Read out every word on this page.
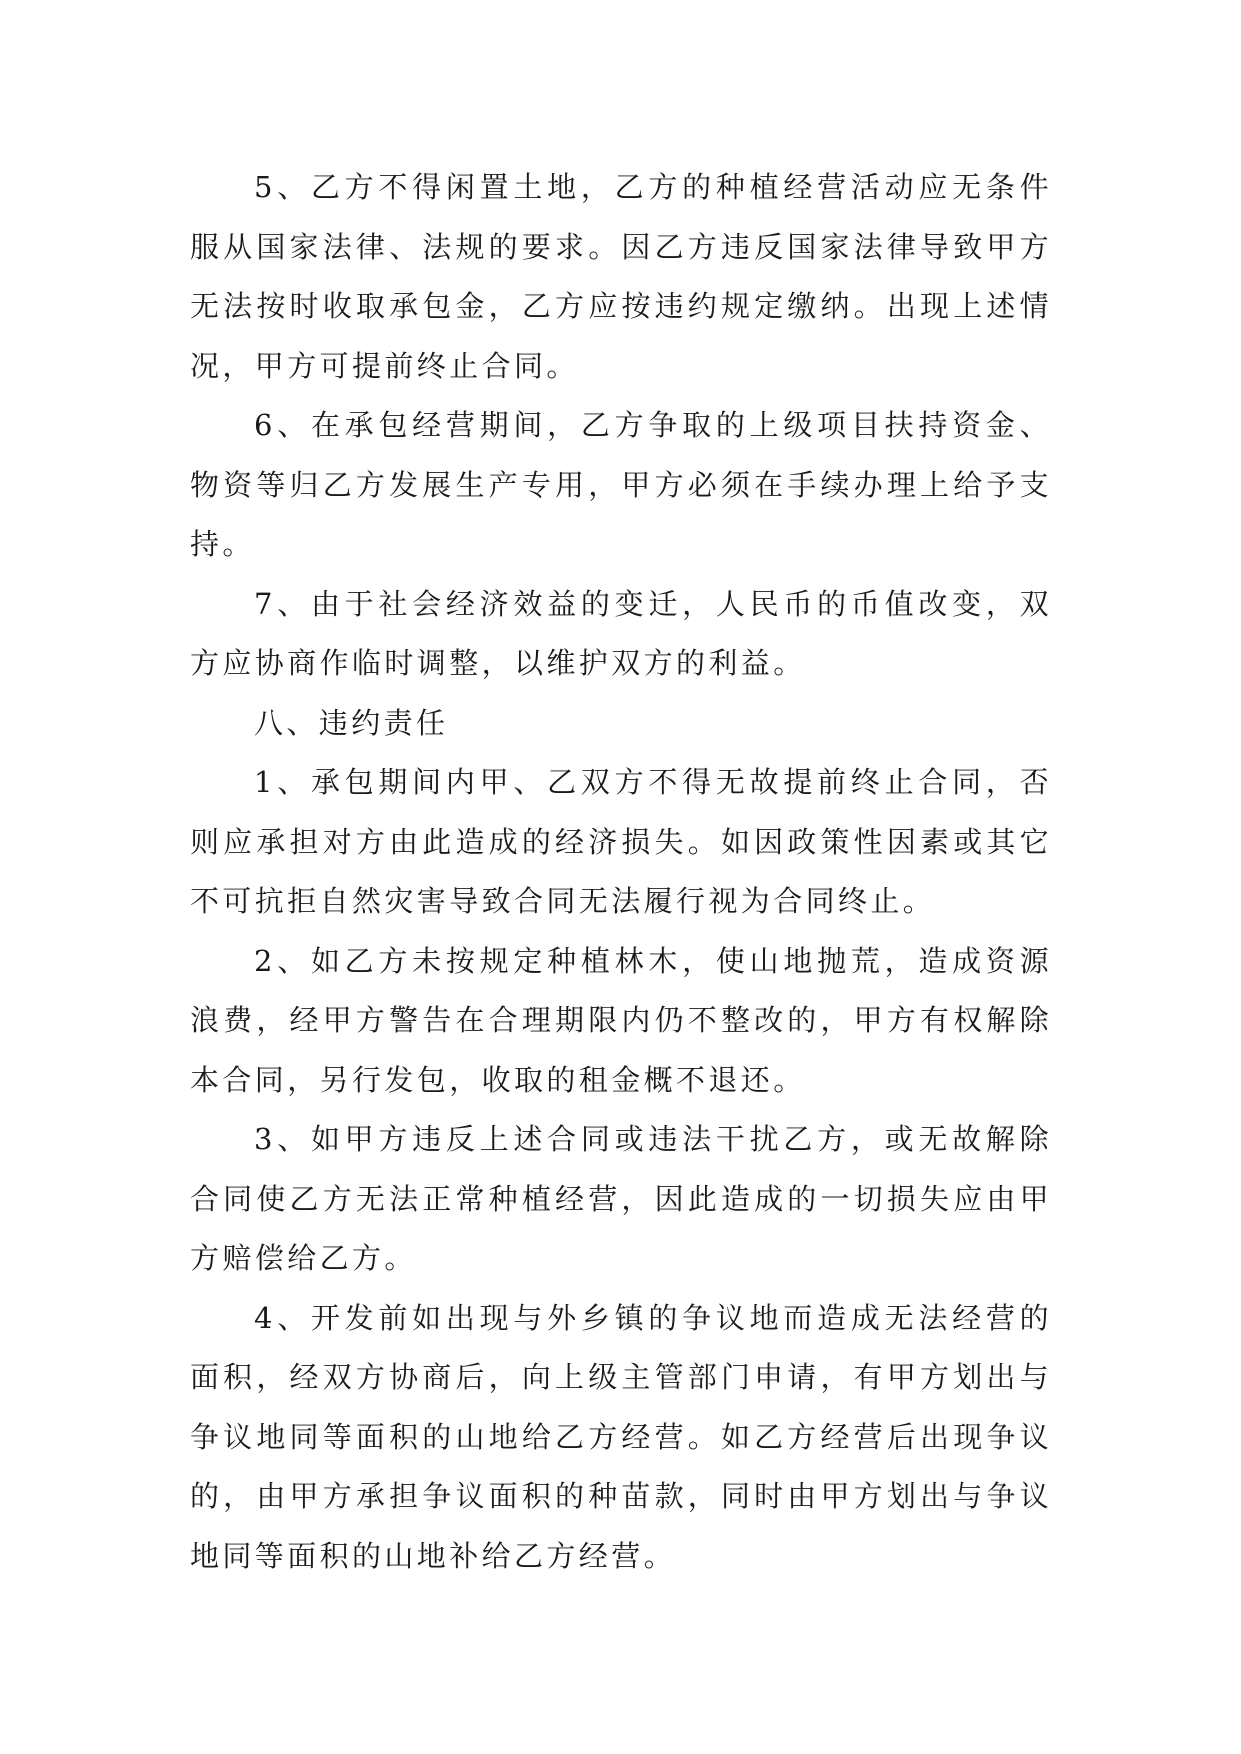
5、乙方不得闲置土地，乙方的种植经营活动应无条件服从国家法律、法规的要求。因乙方违反国家法律导致甲方无法按时收取承包金，乙方应按违约规定缴纳。出现上述情况，甲方可提前终止合同。

6、在承包经营期间，乙方争取的上级项目扶持资金、物资等归乙方发展生产专用，甲方必须在手续办理上给予支持。

7、由于社会经济效益的变迁，人民币的币值改变，双方应协商作临时调整，以维护双方的利益。

八、违约责任

1、承包期间内甲、乙双方不得无故提前终止合同，否则应承担对方由此造成的经济损失。如因政策性因素或其它不可抗拒自然灾害导致合同无法履行视为合同终止。

2、如乙方未按规定种植林木，使山地抛荒，造成资源浪费，经甲方警告在合理期限内仍不整改的，甲方有权解除本合同，另行发包，收取的租金概不退还。

3、如甲方违反上述合同或违法干扰乙方，或无故解除合同使乙方无法正常种植经营，因此造成的一切损失应由甲方赔偿给乙方。

4、开发前如出现与外乡镇的争议地而造成无法经营的面积，经双方协商后，向上级主管部门申请，有甲方划出与争议地同等面积的山地给乙方经营。如乙方经营后出现争议的，由甲方承担争议面积的种苗款，同时由甲方划出与争议地同等面积的山地补给乙方经营。
